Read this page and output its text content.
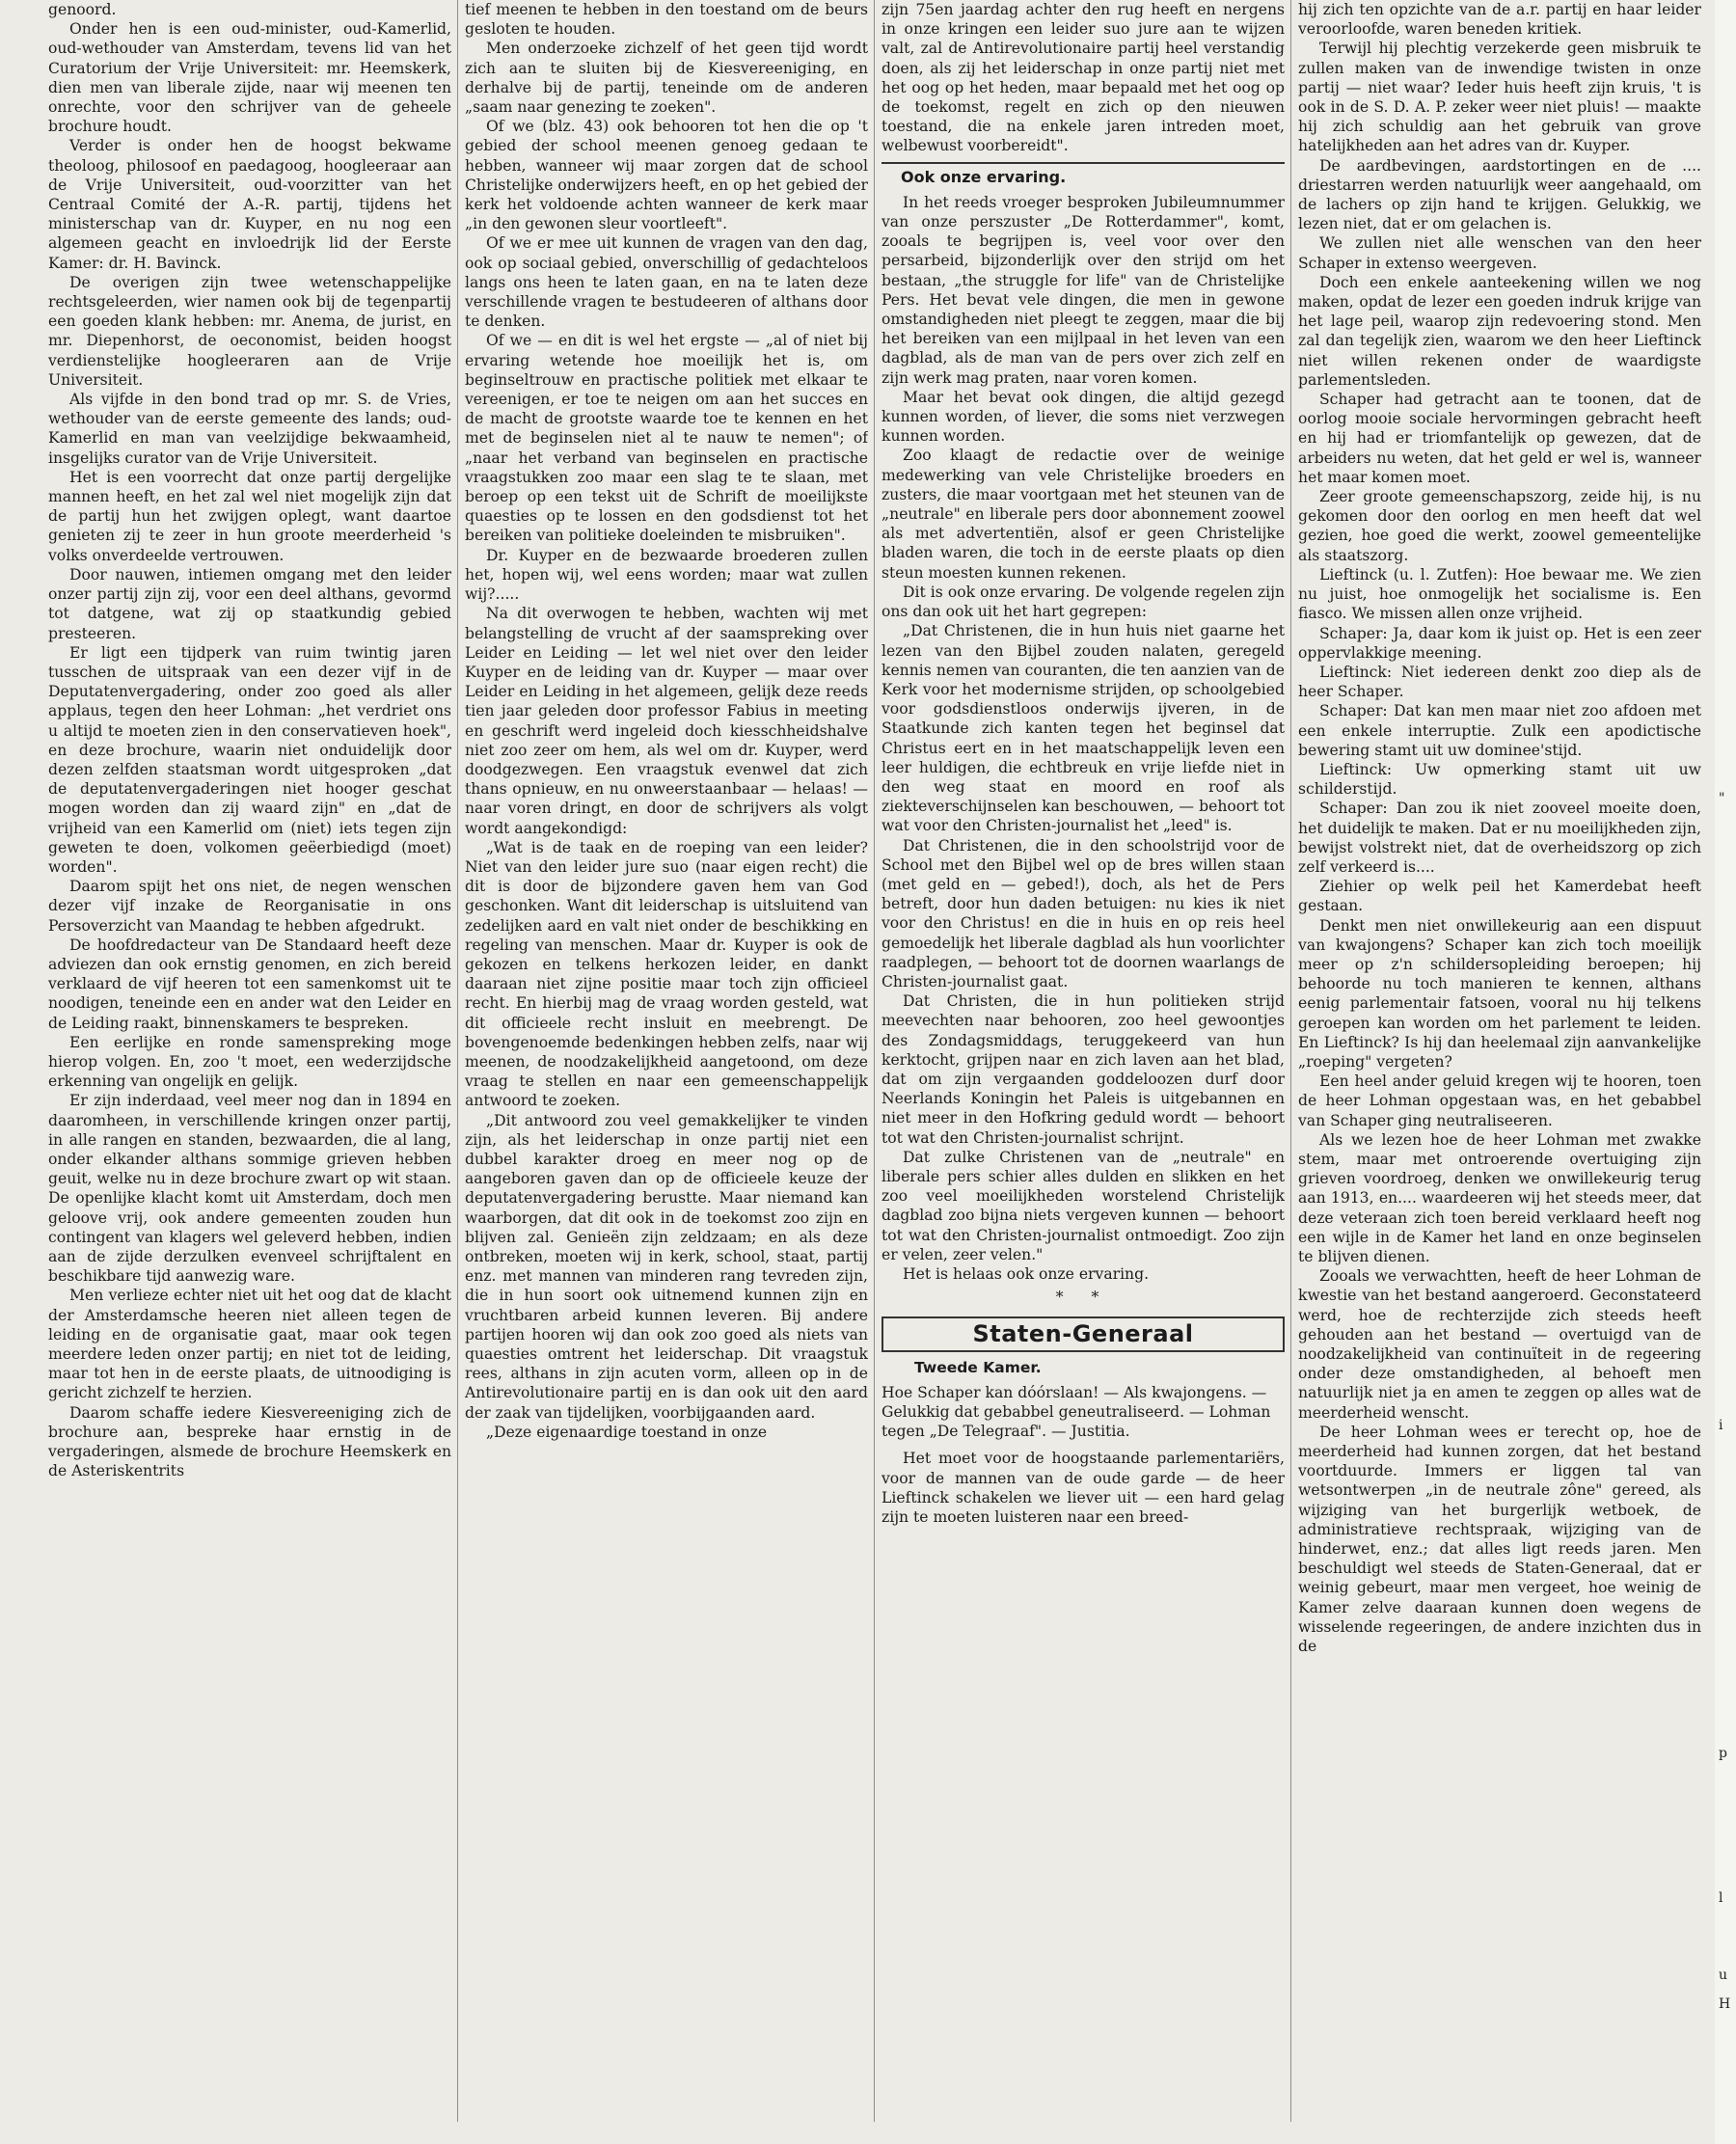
genoord.

Onder hen is een oud-minister, oud-Kamerlid, oud-wethouder van Amsterdam, tevens lid van het Curatorium der Vrije Universiteit: mr. Heemskerk, dien men van liberale zijde, naar wij meenen ten onrechte, voor den schrijver van de geheele brochure houdt.

Verder is onder hen de hoogst bekwame theoloog, philosoof en paedagoog, hoogleeraar aan de Vrije Universiteit, oud-voorzitter van het Centraal Comité der A.-R. partij, tijdens het ministerschap van dr. Kuyper, en nu nog een algemeen geacht en invloedrijk lid der Eerste Kamer: dr. H. Bavinck.

De overigen zijn twee wetenschappelijke rechtsgeleerden, wier namen ook bij de tegenpartij een goeden klank hebben: mr. Anema, de jurist, en mr. Diepenhorst, de oeconomist, beiden hoogst verdienstelijke hoogleeraren aan de Vrije Universiteit.

Als vijfde in den bond trad op mr. S. de Vries, wethouder van de eerste gemeente des lands; oud-Kamerlid en man van veelzijdige bekwaamheid, insgelijks curator van de Vrije Universiteit.

Het is een voorrecht dat onze partij dergelijke mannen heeft, en het zal wel niet mogelijk zijn dat de partij hun het zwijgen oplegt, want daartoe genieten zij te zeer in hun groote meerderheid 's volks onverdeelde vertrouwen.

Door nauwen, intiemen omgang met den leider onzer partij zijn zij, voor een deel althans, gevormd tot datgene, wat zij op staatkundig gebied presteeren.

Er ligt een tijdperk van ruim twintig jaren tusschen de uitspraak van een dezer vijf in de Deputatenvergadering, onder zoo goed als aller applaus, tegen den heer Lohman: „het verdriet ons u altijd te moeten zien in den conservatieven hoek", en deze brochure, waarin niet onduidelijk door dezen zelfden staatsman wordt uitgesproken „dat de deputatenvergaderingen niet hooger geschat mogen worden dan zij waard zijn" en „dat de vrijheid van een Kamerlid om (niet) iets tegen zijn geweten te doen, volkomen geëerbiedigd (moet) worden".

Daarom spijt het ons niet, de negen wenschen dezer vijf inzake de Reorganisatie in ons Persoverzicht van Maandag te hebben afgedrukt.

De hoofdredacteur van De Standaard heeft deze adviezen dan ook ernstig genomen, en zich bereid verklaard de vijf heeren tot een samenkomst uit te noodigen, teneinde een en ander wat den Leider en de Leiding raakt, binnenskamers te bespreken.

Een eerlijke en ronde samenspreking moge hierop volgen. En, zoo 't moet, een wederzijdsche erkenning van ongelijk en gelijk.

Er zijn inderdaad, veel meer nog dan in 1894 en daaromheen, in verschillende kringen onzer partij, in alle rangen en standen, bezwaarden, die al lang, onder elkander althans sommige grieven hebben geuit, welke nu in deze brochure zwart op wit staan. De openlijke klacht komt uit Amsterdam, doch men geloove vrij, ook andere gemeenten zouden hun contingent van klagers wel geleverd hebben, indien aan de zijde derzulken evenveel schrijftalent en beschikbare tijd aanwezig ware.

Men verlieze echter niet uit het oog dat de klacht der Amsterdamsche heeren niet alleen tegen de leiding en de organisatie gaat, maar ook tegen meerdere leden onzer partij; en niet tot de leiding, maar tot hen in de eerste plaats, de uitnoodiging is gericht zichzelf te herzien.

Daarom schaffe iedere Kiesvereeniging zich de brochure aan, bespreke haar ernstig in de vergaderingen, alsmede de brochure Heemskerk en de Asteriskentrits

tief meenen te hebben in den toestand om de beurs gesloten te houden.

Men onderzoeke zichzelf of het geen tijd wordt zich aan te sluiten bij de Kiesvereeniging, en derhalve bij de partij, teneinde om de anderen „saam naar genezing te zoeken".

Of we (blz. 43) ook behooren tot hen die op 't gebied der school meenen genoeg gedaan te hebben, wanneer wij maar zorgen dat de school Christelijke onderwijzers heeft, en op het gebied der kerk het voldoende achten wanneer de kerk maar „in den gewonen sleur voortleeft".

Of we er mee uit kunnen de vragen van den dag, ook op sociaal gebied, onverschillig of gedachteloos langs ons heen te laten gaan, en na te laten deze verschillende vragen te bestudeeren of althans door te denken.

Of we — en dit is wel het ergste — „al of niet bij ervaring wetende hoe moeilijk het is, om beginseltrouw en practische politiek met elkaar te vereenigen, er toe te neigen om aan het succes en de macht de grootste waarde toe te kennen en het met de beginselen niet al te nauw te nemen"; of „naar het verband van beginselen en practische vraagstukken zoo maar een slag te te slaan, met beroep op een tekst uit de Schrift de moeilijkste quaesties op te lossen en den godsdienst tot het bereiken van politieke doeleinden te misbruiken".

Dr. Kuyper en de bezwaarde broederen zullen het, hopen wij, wel eens worden; maar wat zullen wij?.....

Na dit overwogen te hebben, wachten wij met belangstelling de vrucht af der saamspreking over Leider en Leiding — let wel niet over den leider Kuyper en de leiding van dr. Kuyper — maar over Leider en Leiding in het algemeen, gelijk deze reeds tien jaar geleden door professor Fabius in meeting en geschrift werd ingeleid doch kiesschheidshalve niet zoo zeer om hem, als wel om dr. Kuyper, werd doodgezwegen. Een vraagstuk evenwel dat zich thans opnieuw, en nu onweerstaanbaar — helaas! — naar voren dringt, en door de schrijvers als volgt wordt aangekondigd:

„Wat is de taak en de roeping van een leider? Niet van den leider jure suo (naar eigen recht) die dit is door de bijzondere gaven hem van God geschonken. Want dit leiderschap is uitsluitend van zedelijken aard en valt niet onder de beschikking en regeling van menschen. Maar dr. Kuyper is ook de gekozen en telkens herkozen leider, en dankt daaraan niet zijne positie maar toch zijn officieel recht. En hierbij mag de vraag worden gesteld, wat dit officieele recht insluit en meebrengt. De bovengenoemde bedenkingen hebben zelfs, naar wij meenen, de noodzakelijkheid aangetoond, om deze vraag te stellen en naar een gemeenschappelijk antwoord te zoeken.

„Dit antwoord zou veel gemakkelijker te vinden zijn, als het leiderschap in onze partij niet een dubbel karakter droeg en meer nog op de aangeboren gaven dan op de officieele keuze der deputatenvergadering berustte. Maar niemand kan waarborgen, dat dit ook in de toekomst zoo zijn en blijven zal. Genieën zijn zeldzaam; en als deze ontbreken, moeten wij in kerk, school, staat, partij enz. met mannen van minderen rang tevreden zijn, die in hun soort ook uitnemend kunnen zijn en vruchtbaren arbeid kunnen leveren. Bij andere partijen hooren wij dan ook zoo goed als niets van quaesties omtrent het leiderschap. Dit vraagstuk rees, althans in zijn acuten vorm, alleen op in de Antirevolutionaire partij en is dan ook uit den aard der zaak van tijdelijken, voorbijgaanden aard.

„Deze eigenaardige toestand in onze

zijn 75en jaardag achter den rug heeft en nergens in onze kringen een leider suo jure aan te wijzen valt, zal de Antirevolutionaire partij heel verstandig doen, als zij het leiderschap in onze partij niet met het oog op het heden, maar bepaald met het oog op de toekomst, regelt en zich op den nieuwen toestand, die na enkele jaren intreden moet, welbewust voorbereidt".

Ook onze ervaring.

In het reeds vroeger besproken Jubileumnummer van onze perszuster „De Rotterdammer", komt, zooals te begrijpen is, veel voor over den persarbeid, bijzonderlijk over den strijd om het bestaan, „the struggle for life" van de Christelijke Pers. Het bevat vele dingen, die men in gewone omstandigheden niet pleegt te zeggen, maar die bij het bereiken van een mijlpaal in het leven van een dagblad, als de man van de pers over zich zelf en zijn werk mag praten, naar voren komen.

Maar het bevat ook dingen, die altijd gezegd kunnen worden, of liever, die soms niet verzwegen kunnen worden.

Zoo klaagt de redactie over de weinige medewerking van vele Christelijke broeders en zusters, die maar voortgaan met het steunen van de „neutrale" en liberale pers door abonnement zoowel als met advertentiën, alsof er geen Christelijke bladen waren, die toch in de eerste plaats op dien steun moesten kunnen rekenen.

Dit is ook onze ervaring. De volgende regelen zijn ons dan ook uit het hart gegrepen:

„Dat Christenen, die in hun huis niet gaarne het lezen van den Bijbel zouden nalaten, geregeld kennis nemen van couranten, die ten aanzien van de Kerk voor het modernisme strijden, op schoolgebied voor godsdienstloos onderwijs ijveren, in de Staatkunde zich kanten tegen het beginsel dat Christus eert en in het maatschappelijk leven een leer huldigen, die echtbreuk en vrije liefde niet in den weg staat en moord en roof als ziekteverschijnselen kan beschouwen, — behoort tot wat voor den Christen-journalist het „leed" is.

Dat Christenen, die in den schoolstrijd voor de School met den Bijbel wel op de bres willen staan (met geld en — gebed!), doch, als het de Pers betreft, door hun daden betuigen: nu kies ik niet voor den Christus! en die in huis en op reis heel gemoedelijk het liberale dagblad als hun voorlichter raadplegen, — behoort tot de doornen waarlangs de Christen-journalist gaat.

Dat Christen, die in hun politieken strijd meevechten naar behooren, zoo heel gewoontjes des Zondagsmiddags, teruggekeerd van hun kerktocht, grijpen naar en zich laven aan het blad, dat om zijn vergaanden goddeloozen durf door Neerlands Koningin het Paleis is uitgebannen en niet meer in den Hofkring geduld wordt — behoort tot wat den Christen-journalist schrijnt.

Dat zulke Christenen van de „neutrale" en liberale pers schier alles dulden en slikken en het zoo veel moeilijkheden worstelend Christelijk dagblad zoo bijna niets vergeven kunnen — behoort tot wat den Christen-journalist ontmoedigt. Zoo zijn er velen, zeer velen."

Het is helaas ook onze ervaring.

* *
Staten-Generaal
Tweede Kamer.

Hoe Schaper kan dóórslaan! — Als kwajongens. — Gelukkig dat gebabbel geneutraliseerd. — Lohman tegen „De Telegraaf". — Justitia.

Het moet voor de hoogstaande parlementariërs, voor de mannen van de oude garde — de heer Lieftinck schakelen we liever uit — een hard gelag zijn te moeten luisteren naar een breed-

hij zich ten opzichte van de a.r. partij en haar leider veroorloofde, waren beneden kritiek.

Terwijl hij plechtig verzekerde geen misbruik te zullen maken van de inwendige twisten in onze partij — niet waar? Ieder huis heeft zijn kruis, 't is ook in de S. D. A. P. zeker weer niet pluis! — maakte hij zich schuldig aan het gebruik van grove hatelijkheden aan het adres van dr. Kuyper.

De aardbevingen, aardstortingen en de .... driestarren werden natuurlijk weer aangehaald, om de lachers op zijn hand te krijgen. Gelukkig, we lezen niet, dat er om gelachen is.

We zullen niet alle wenschen van den heer Schaper in extenso weergeven.

Doch een enkele aanteekening willen we nog maken, opdat de lezer een goeden indruk krijge van het lage peil, waarop zijn redevoering stond. Men zal dan tegelijk zien, waarom we den heer Lieftinck niet willen rekenen onder de waardigste parlementsleden.

Schaper had getracht aan te toonen, dat de oorlog mooie sociale hervormingen gebracht heeft en hij had er triomfantelijk op gewezen, dat de arbeiders nu weten, dat het geld er wel is, wanneer het maar komen moet.

Zeer groote gemeenschapszorg, zeide hij, is nu gekomen door den oorlog en men heeft dat wel gezien, hoe goed die werkt, zoowel gemeentelijke als staatszorg.

Lieftinck (u. l. Zutfen): Hoe bewaar me. We zien nu juist, hoe onmogelijk het socialisme is. Een fiasco. We missen allen onze vrijheid.

Schaper: Ja, daar kom ik juist op. Het is een zeer oppervlakkige meening.

Lieftinck: Niet iedereen denkt zoo diep als de heer Schaper.

Schaper: Dat kan men maar niet zoo afdoen met een enkele interruptie. Zulk een apodictische bewering stamt uit uw dominee'stijd.

Lieftinck: Uw opmerking stamt uit uw schilderstijd.

Schaper: Dan zou ik niet zooveel moeite doen, het duidelijk te maken. Dat er nu moeilijkheden zijn, bewijst volstrekt niet, dat de overheidszorg op zich zelf verkeerd is....

Ziehier op welk peil het Kamerdebat heeft gestaan.

Denkt men niet onwillekeurig aan een dispuut van kwajongens? Schaper kan zich toch moeilijk meer op z'n schildersopleiding beroepen; hij behoorde nu toch manieren te kennen, althans eenig parlementair fatsoen, vooral nu hij telkens geroepen kan worden om het parlement te leiden. En Lieftinck? Is hij dan heelemaal zijn aanvankelijke „roeping" vergeten?

Een heel ander geluid kregen wij te hooren, toen de heer Lohman opgestaan was, en het gebabbel van Schaper ging neutraliseeren.

Als we lezen hoe de heer Lohman met zwakke stem, maar met ontroerende overtuiging zijn grieven voordroeg, denken we onwillekeurig terug aan 1913, en.... waardeeren wij het steeds meer, dat deze veteraan zich toen bereid verklaard heeft nog een wijle in de Kamer het land en onze beginselen te blijven dienen.

Zooals we verwachtten, heeft de heer Lohman de kwestie van het bestand aangeroerd. Geconstateerd werd, hoe de rechterzijde zich steeds heeft gehouden aan het bestand — overtuigd van de noodzakelijkheid van continuïteit in de regeering onder deze omstandigheden, al behoeft men natuurlijk niet ja en amen te zeggen op alles wat de meerderheid wenscht.

De heer Lohman wees er terecht op, hoe de meerderheid had kunnen zorgen, dat het bestand voortduurde. Immers er liggen tal van wetsontwerpen „in de neutrale zône" gereed, als wijziging van het burgerlijk wetboek, de administratieve rechtspraak, wijziging van de hinderwet, enz.; dat alles ligt reeds jaren. Men beschuldigt wel steeds de Staten-Generaal, dat er weinig gebeurt, maar men vergeet, hoe weinig de Kamer zelve daaraan kunnen doen wegens de wisselende regeeringen, de andere inzichten dus in de

"
i
p
l
u
H
